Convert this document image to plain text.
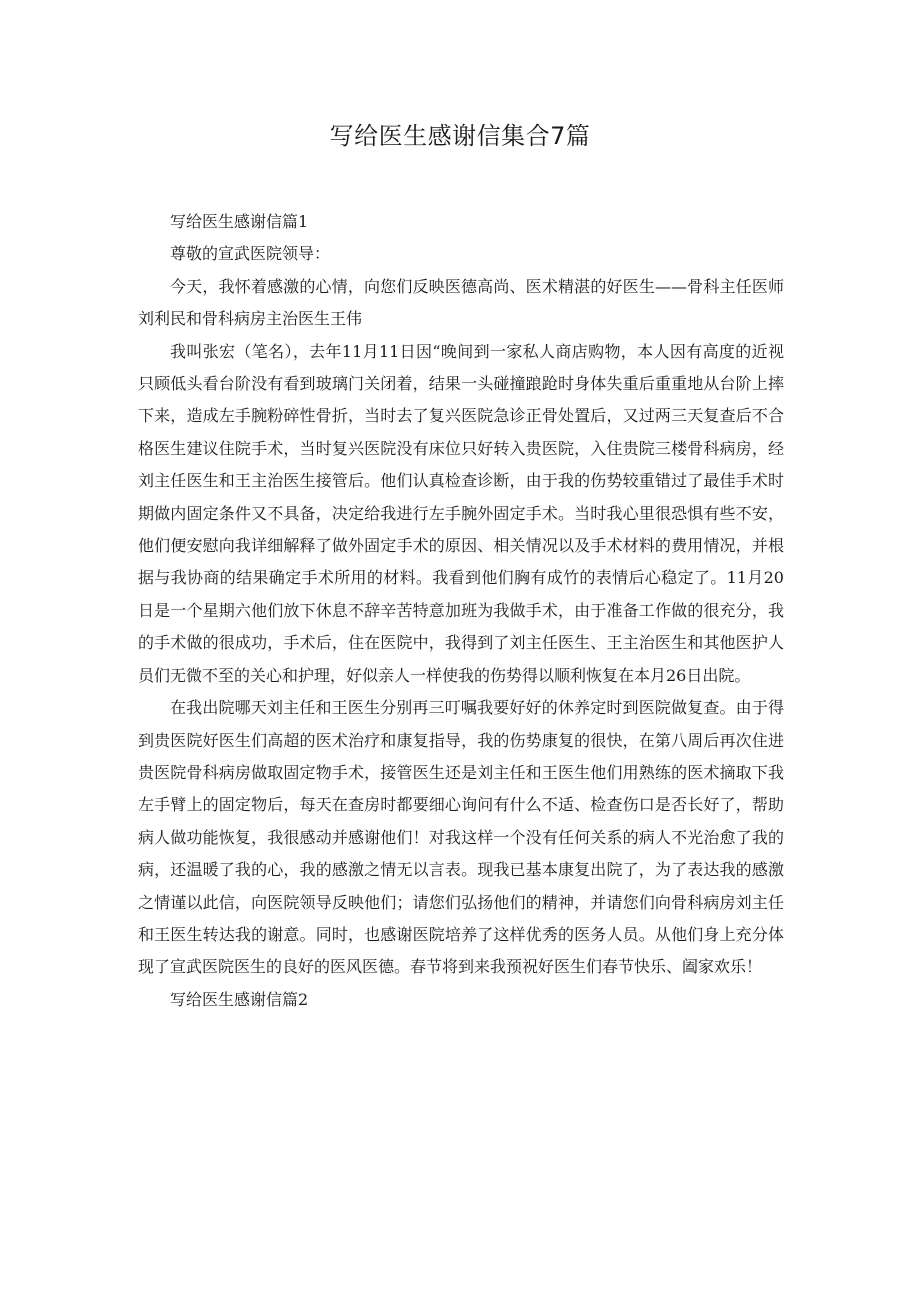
写给医生感谢信集合7篇

写给医生感谢信篇1

尊敬的宣武医院领导：

今天，我怀着感激的心情，向您们反映医德高尚、医术精湛的好医生——骨科主任医师刘利民和骨科病房主治医生王伟

我叫张宏（笔名），去年11月11日因“晚间到一家私人商店购物，本人因有高度的近视只顾低头看台阶没有看到玻璃门关闭着，结果一头碰撞踉跄时身体失重后重重地从台阶上摔下来，造成左手腕粉碎性骨折，当时去了复兴医院急诊正骨处置后，又过两三天复查后不合格医生建议住院手术，当时复兴医院没有床位只好转入贵医院，入住贵院三楼骨科病房，经刘主任医生和王主治医生接管后。他们认真检查诊断，由于我的伤势较重错过了最佳手术时期做内固定条件又不具备，决定给我进行左手腕外固定手术。当时我心里很恐惧有些不安，他们便安慰向我详细解释了做外固定手术的原因、相关情况以及手术材料的费用情况，并根据与我协商的结果确定手术所用的材料。我看到他们胸有成竹的表情后心稳定了。11月20日是一个星期六他们放下休息不辞辛苦特意加班为我做手术，由于准备工作做的很充分，我的手术做的很成功，手术后，住在医院中，我得到了刘主任医生、王主治医生和其他医护人员们无微不至的关心和护理，好似亲人一样使我的伤势得以顺利恢复在本月26日出院。

在我出院哪天刘主任和王医生分别再三叮嘱我要好好的休养定时到医院做复查。由于得到贵医院好医生们高超的医术治疗和康复指导，我的伤势康复的很快，在第八周后再次住进贵医院骨科病房做取固定物手术，接管医生还是刘主任和王医生他们用熟练的医术摘取下我左手臂上的固定物后，每天在查房时都要细心询问有什么不适、检查伤口是否长好了，帮助病人做功能恢复，我很感动并感谢他们！对我这样一个没有任何关系的病人不光治愈了我的病，还温暖了我的心，我的感激之情无以言表。现我已基本康复出院了，为了表达我的感激之情谨以此信，向医院领导反映他们；请您们弘扬他们的精神，并请您们向骨科病房刘主任和王医生转达我的谢意。同时，也感谢医院培养了这样优秀的医务人员。从他们身上充分体现了宣武医院医生的良好的医风医德。春节将到来我预祝好医生们春节快乐、阖家欢乐！

写给医生感谢信篇2
